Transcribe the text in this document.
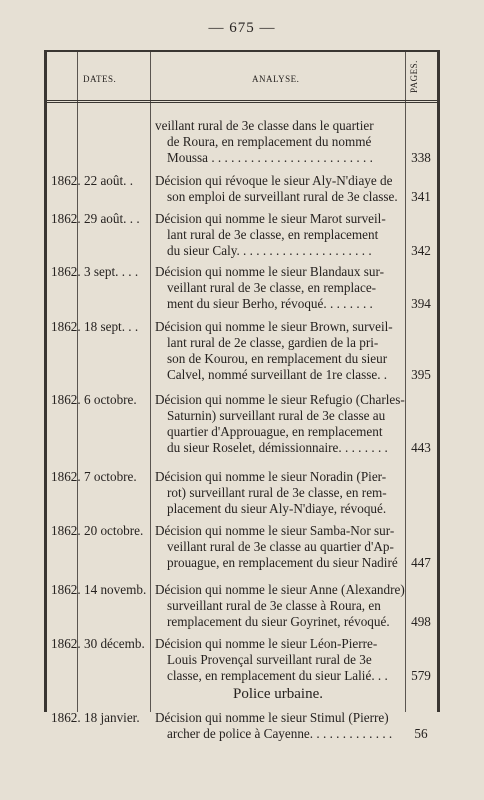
— 675 —
DATES.	ANALYSE.	PAGES.
veillant rural de 3e classe dans le quartier
de Roura, en remplacement du nommé
Moussa . . . . . . . . . . . . . . . . . . . . . . . . .	338
1862. 22 août. .	Décision qui révoque le sieur Aly-N'diaye de
son emploi de surveillant rural de 3e classe.	341
1862. 29 août. . .	Décision qui nomme le sieur Marot surveil-
lant rural de 3e classe, en remplacement
du sieur Caly. . . . . . . . . . . . . . . . . . . . .	342
1862. 3 sept. . . .	Décision qui nomme le sieur Blandaux sur-
veillant rural de 3e classe, en remplace-
ment du sieur Berho, révoqué. . . . . . . .	394
1862. 18 sept. . .	Décision qui nomme le sieur Brown, surveil-
lant rural de 2e classe, gardien de la pri-
son de Kourou, en remplacement du sieur
Calvel, nommé surveillant de 1re classe. .	395
1862. 6 octobre.	Décision qui nomme le sieur Refugio (Charles-
Saturnin) surveillant rural de 3e classe au
quartier d'Approuague, en remplacement
du sieur Roselet, démissionnaire. . . . . . . .	443
1862. 7 octobre.	Décision qui nomme le sieur Noradin (Pier-
rot) surveillant rural de 3e classe, en rem-
placement du sieur Aly-N'diaye, révoqué.
1862. 20 octobre. Décision qui nomme le sieur Samba-Nor sur-
veillant rural de 3e classe au quartier d'Ap-
prouague, en remplacement du sieur Nadiré	447
1862. 14 novemb. Décision qui nomme le sieur Anne (Alexandre)
surveillant rural de 3e classe à Roura, en
remplacement du sieur Goyrinet, révoqué.	498
1862. 30 décemb. Décision qui nomme le sieur Léon-Pierre-
Louis Provençal surveillant rural de 3e
classe, en remplacement du sieur Lalié. . .	579
Police urbaine.
1862. 18 janvier.	Décision qui nomme le sieur Stimul (Pierre)
archer de police à Cayenne. . . . . . . . . . . . .	56
